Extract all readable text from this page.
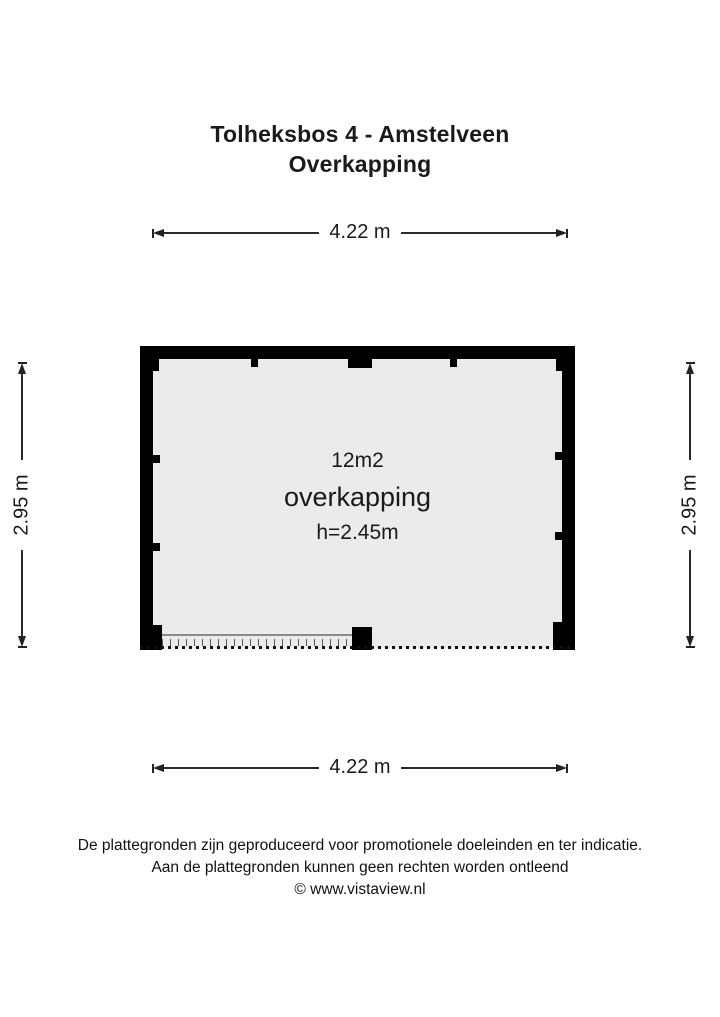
Tolheksbos 4 - Amstelveen
Overkapping
4.22 m
2.95 m	2.95 m
12m2
overkapping
h=2.45m
4.22 m
De plattegronden zijn geproduceerd voor promotionele doeleinden en ter indicatie.
Aan de plattegronden kunnen geen rechten worden ontleend
© www.vistaview.nl
